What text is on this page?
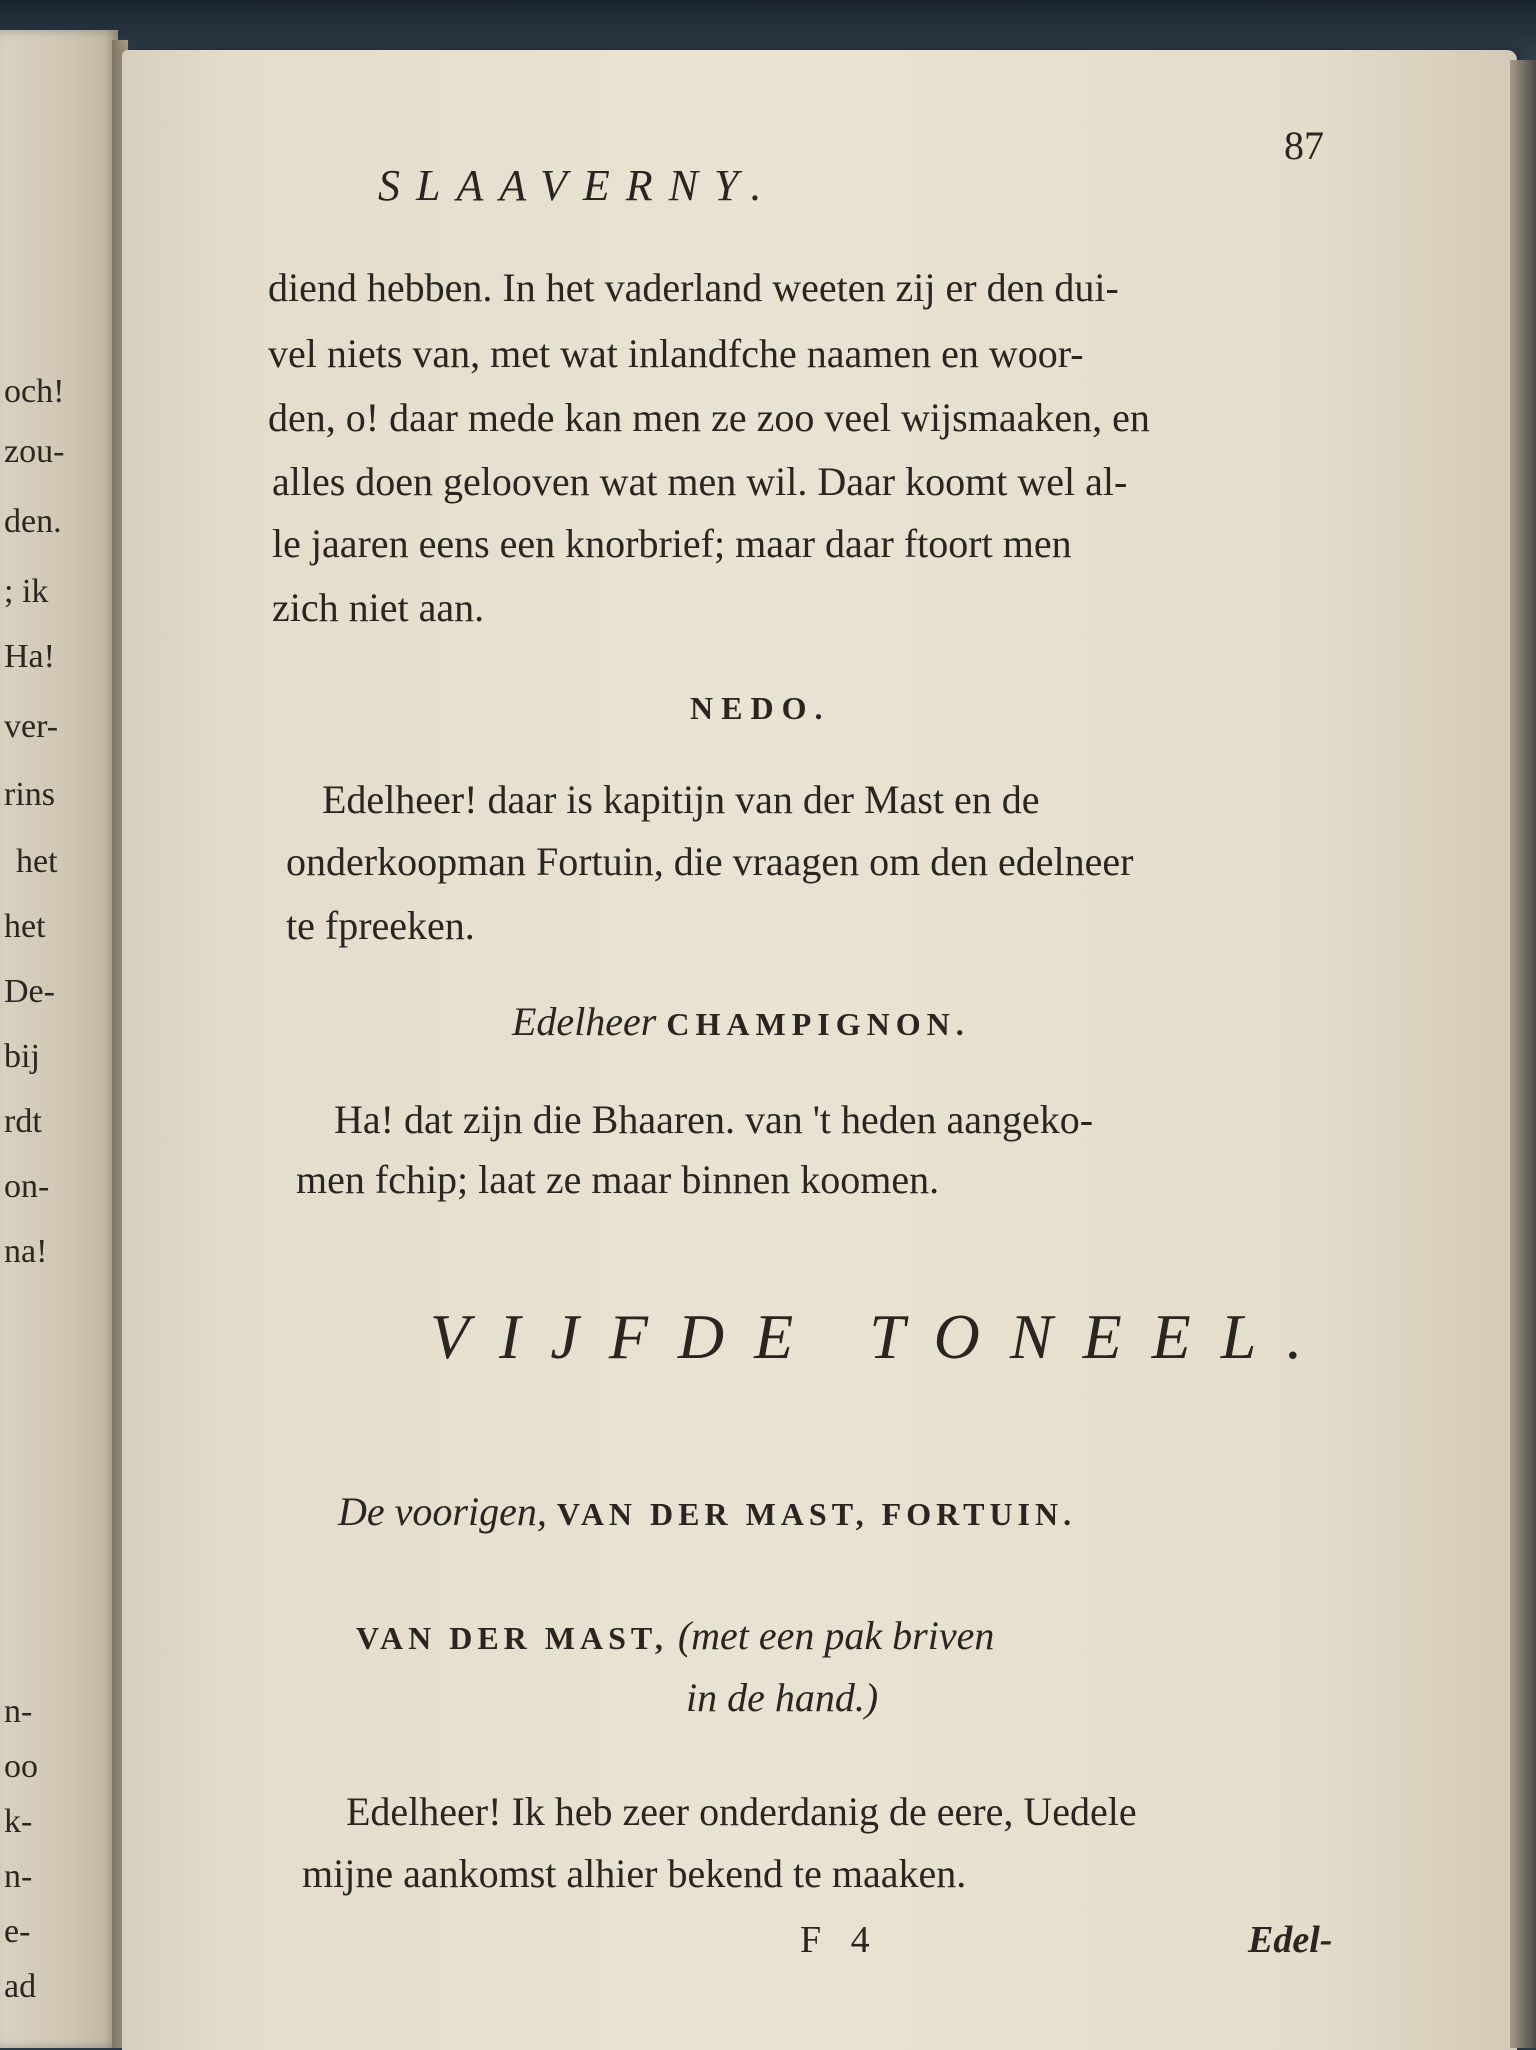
och!
zou-
den.
; ik
Ha!
ver-
rins
het
het
De-
bij
rdt
on-
na!
n-
oo
k-
n-
e-
ad
SLAAVERNY.
87
diend hebben. In het vaderland weeten zij er den dui-
vel niets van, met wat inlandfche naamen en woor-
den, o! daar mede kan men ze zoo veel wijsmaaken, en
alles doen gelooven wat men wil. Daar koomt wel al-
le jaaren eens een knorbrief; maar daar ftoort men
zich niet aan.
NEDO.
Edelheer! daar is kapitijn van der Mast en de
onderkoopman Fortuin, die vraagen om den edelneer
te fpreeken.
Edelheer CHAMPIGNON.
Ha! dat zijn die Bhaaren. van 't heden aangeko-
men fchip; laat ze maar binnen koomen.
VIJFDE TONEEL.
De voorigen, VAN DER MAST, FORTUIN.
VAN DER MAST, (met een pak briven
in de hand.)
Edelheer! Ik heb zeer onderdanig de eere, Uedele
mijne aankomst alhier bekend te maaken.
F 4	Edel-
